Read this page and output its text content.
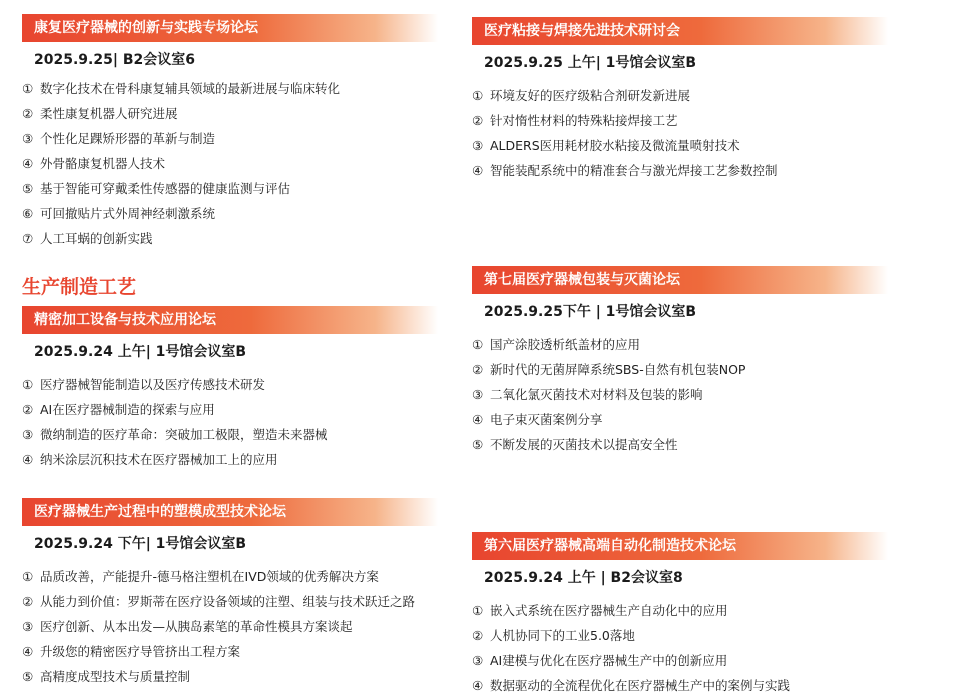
康复医疗器械的创新与实践专场论坛
2025.9.25| B2会议室6
① 数字化技术在骨科康复辅具领域的最新进展与临床转化
② 柔性康复机器人研究进展
③ 个性化足踝矫形器的革新与制造
④ 外骨骼康复机器人技术
⑤ 基于智能可穿戴柔性传感器的健康监测与评估
⑥ 可回撤贴片式外周神经刺激系统
⑦ 人工耳蜗的创新实践
生产制造工艺
精密加工设备与技术应用论坛
2025.9.24 上午| 1号馆会议室B
① 医疗器械智能制造以及医疗传感技术研发
② AI在医疗器械制造的探索与应用
③ 微纳制造的医疗革命：突破加工极限，塑造未来器械
④ 纳米涂层沉积技术在医疗器械加工上的应用
医疗器械生产过程中的塑模成型技术论坛
2025.9.24 下午| 1号馆会议室B
① 品质改善，产能提升-德马格注塑机在IVD领域的优秀解决方案
② 从能力到价值：罗斯蒂在医疗设备领域的注塑、组装与技术跃迁之路
③ 医疗创新、从本出发—从胰岛素笔的革命性模具方案谈起
④ 升级您的精密医疗导管挤出工程方案
⑤ 高精度成型技术与质量控制
医疗粘接与焊接先进技术研讨会
2025.9.25 上午| 1号馆会议室B
① 环境友好的医疗级粘合剂研发新进展
② 针对惰性材料的特殊粘接焊接工艺
③ ALDERS医用耗材胶水粘接及微流量喷射技术
④ 智能装配系统中的精准套合与激光焊接工艺参数控制
第七届医疗器械包装与灭菌论坛
2025.9.25下午 | 1号馆会议室B
① 国产涂胶透析纸盖材的应用
② 新时代的无菌屏障系统SBS-自然有机包装NOP
③ 二氧化氯灭菌技术对材料及包装的影响
④ 电子束灭菌案例分享
⑤ 不断发展的灭菌技术以提高安全性
第六届医疗器械高端自动化制造技术论坛
2025.9.24 上午 | B2会议室8
① 嵌入式系统在医疗器械生产自动化中的应用
② 人机协同下的工业5.0落地
③ AI建模与优化在医疗器械生产中的创新应用
④ 数据驱动的全流程优化在医疗器械生产中的案例与实践
